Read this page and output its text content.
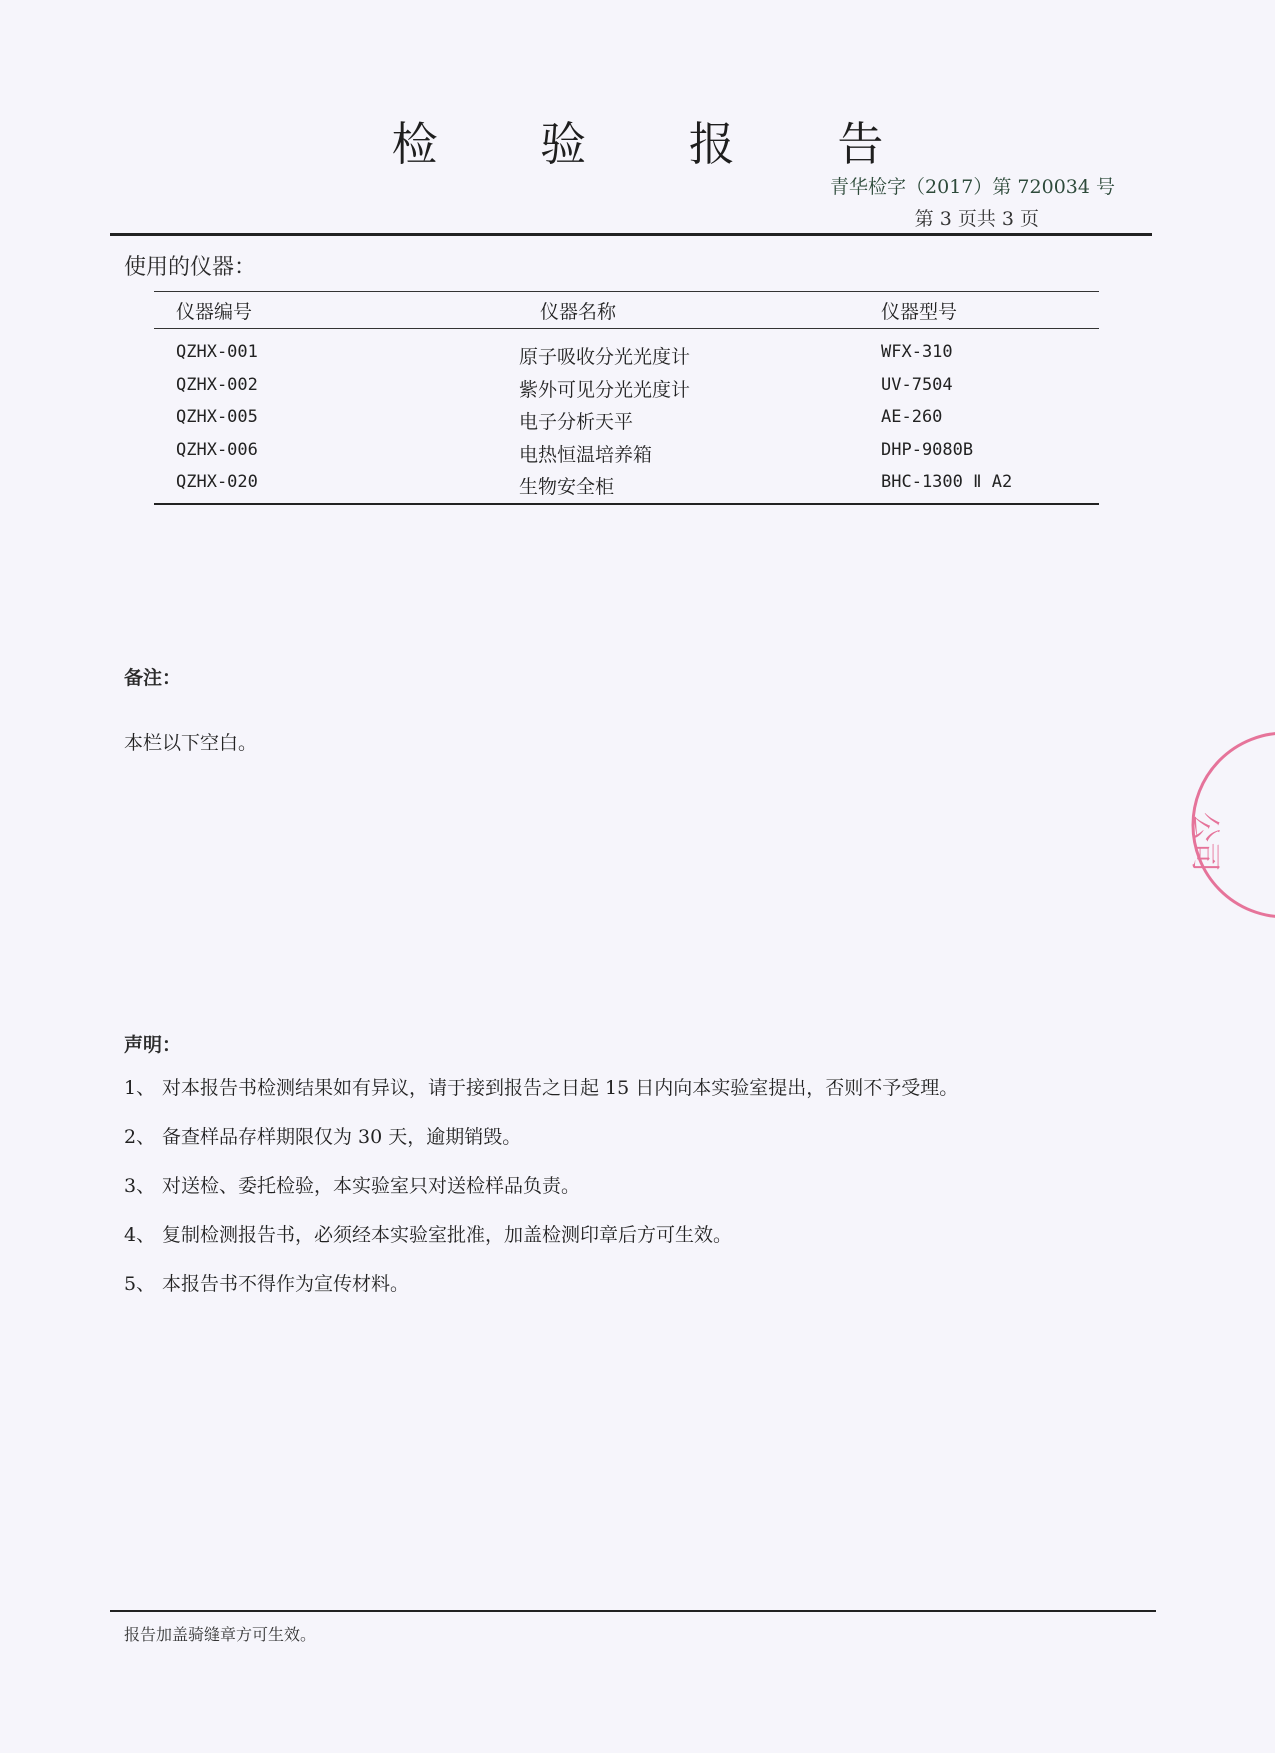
检 验 报 告
青华检字（2017）第 720034 号
第 3 页共 3 页
使用的仪器：
仪器编号	仪器名称	仪器型号
QZHX-001	原子吸收分光光度计	WFX-310
QZHX-002	紫外可见分光光度计	UV-7504
QZHX-005	电子分析天平	AE-260
QZHX-006	电热恒温培养箱	DHP-9080B
QZHX-020	生物安全柜	BHC-1300 Ⅱ A2
备注：
本栏以下空白。
声明：
1、 对本报告书检测结果如有异议，请于接到报告之日起 15 日内向本实验室提出，否则不予受理。
2、 备查样品存样期限仅为 30 天，逾期销毁。
3、 对送检、委托检验，本实验室只对送检样品负责。
4、 复制检测报告书，必须经本实验室批准，加盖检测印章后方可生效。
5、 本报告书不得作为宣传材料。
报告加盖骑缝章方可生效。
公司
